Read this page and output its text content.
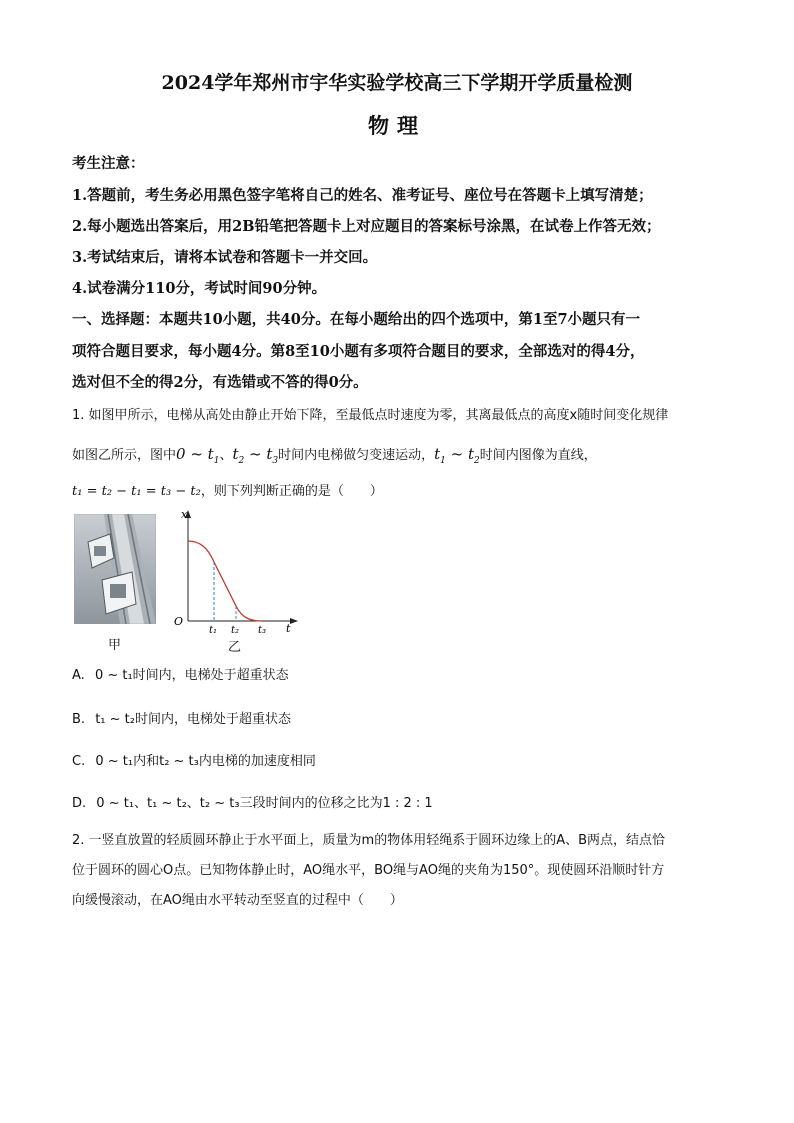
2024学年郑州市宇华实验学校高三下学期开学质量检测
物理
考生注意：
1.答题前，考生务必用黑色签字笔将自己的姓名、准考证号、座位号在答题卡上填写清楚；
2.每小题选出答案后，用2B铅笔把答题卡上对应题目的答案标号涂黑，在试卷上作答无效；
3.考试结束后，请将本试卷和答题卡一并交回。
4.试卷满分110分，考试时间90分钟。
一、选择题：本题共10小题，共40分。在每小题给出的四个选项中，第1至7小题只有一
项符合题目要求，每小题4分。第8至10小题有多项符合题目的要求，全部选对的得4分，
选对但不全的得2分，有选错或不答的得0分。
1. 如图甲所示，电梯从高处由静止开始下降，至最低点时速度为零，其离最低点的高度x随时间变化规律
如图乙所示，图中0 ~ $t_1$、$t_2$ ~ $t_3$时间内电梯做匀变速运动，$t_1$ ~ $t_2$时间内图像为直线，
t₁ = t₂ − t₁ = t₃ − t₂，则下列判断正确的是（　　）
甲
x
t
O
t₁ t₂ t₃
乙
A. 0 ~ t₁时间内，电梯处于超重状态
B. t₁ ~ t₂时间内，电梯处于超重状态
C. 0 ~ t₁内和t₂ ~ t₃内电梯的加速度相同
D. 0 ~ t₁、t₁ ~ t₂、t₂ ~ t₃三段时间内的位移之比为1 : 2 : 1
2. 一竖直放置的轻质圆环静止于水平面上，质量为m的物体用轻绳系于圆环边缘上的A、B两点，结点恰
位于圆环的圆心O点。已知物体静止时，AO绳水平，BO绳与AO绳的夹角为150°。现使圆环沿顺时针方
向缓慢滚动，在AO绳由水平转动至竖直的过程中（　　）
